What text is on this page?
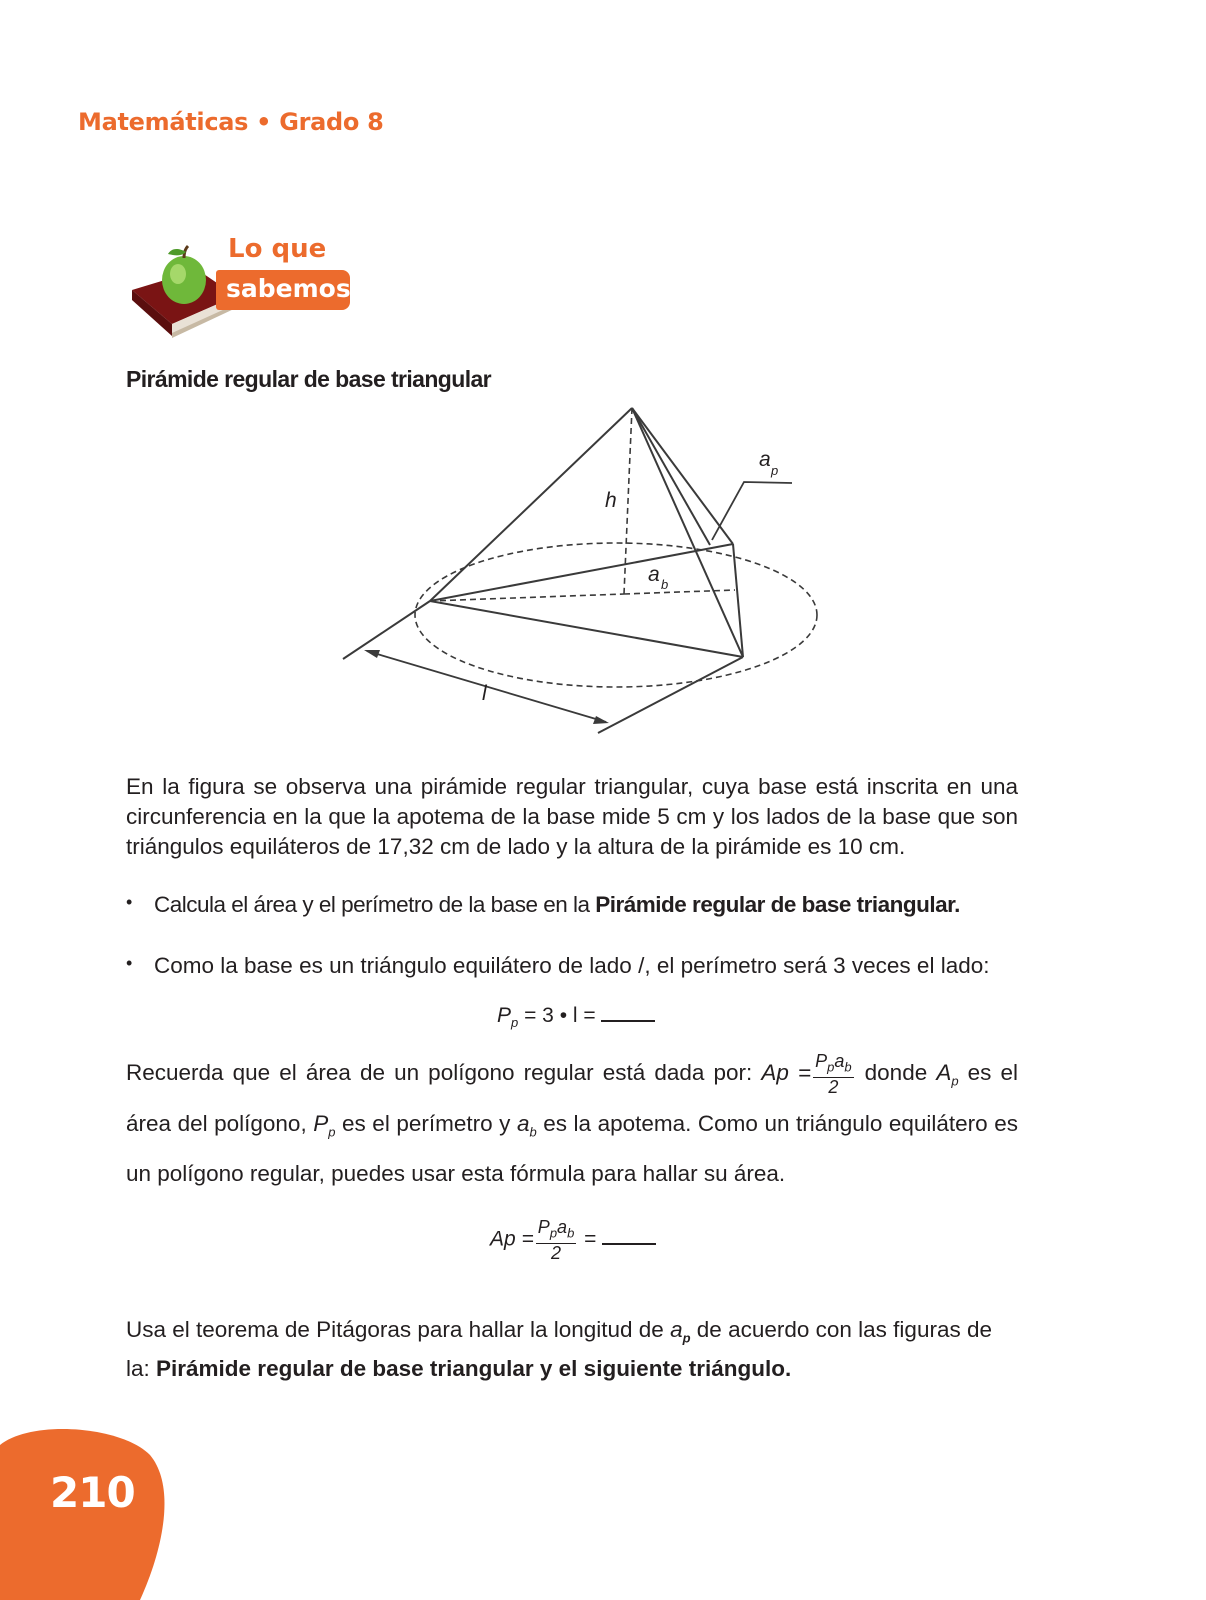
Matemáticas • Grado 8
Lo que
sabemos
Pirámide regular de base triangular
h
a b
a p
l
En la figura se observa una pirámide regular triangular, cuya base está inscrita en una circunferencia en la que la apotema de la base mide 5 cm y los lados de la base que son triángulos equiláteros de 17,32 cm de lado y la altura de la pirámide es 10 cm.
• Calcula el área y el perímetro de la base en la Pirámide regular de base triangular.
• Como la base es un triángulo equilátero de lado /, el perímetro será 3 veces el lado:
$P_p = 3$ • l =
Recuerda que el área de un polígono regular está dada por: $Ap = \frac{P_pa_b}{2}$ donde $A_p$ es el área del polígono, $P_p$ es el perímetro y $a_b$ es la apotema. Como un triángulo equilátero es un polígono regular, puedes usar esta fórmula para hallar su área.
$Ap = \frac{P_pa_b}{2}$ =
Usa el teorema de Pitágoras para hallar la longitud de $a_p$ de acuerdo con las figuras de la: Pirámide regular de base triangular y el siguiente triángulo.
210
